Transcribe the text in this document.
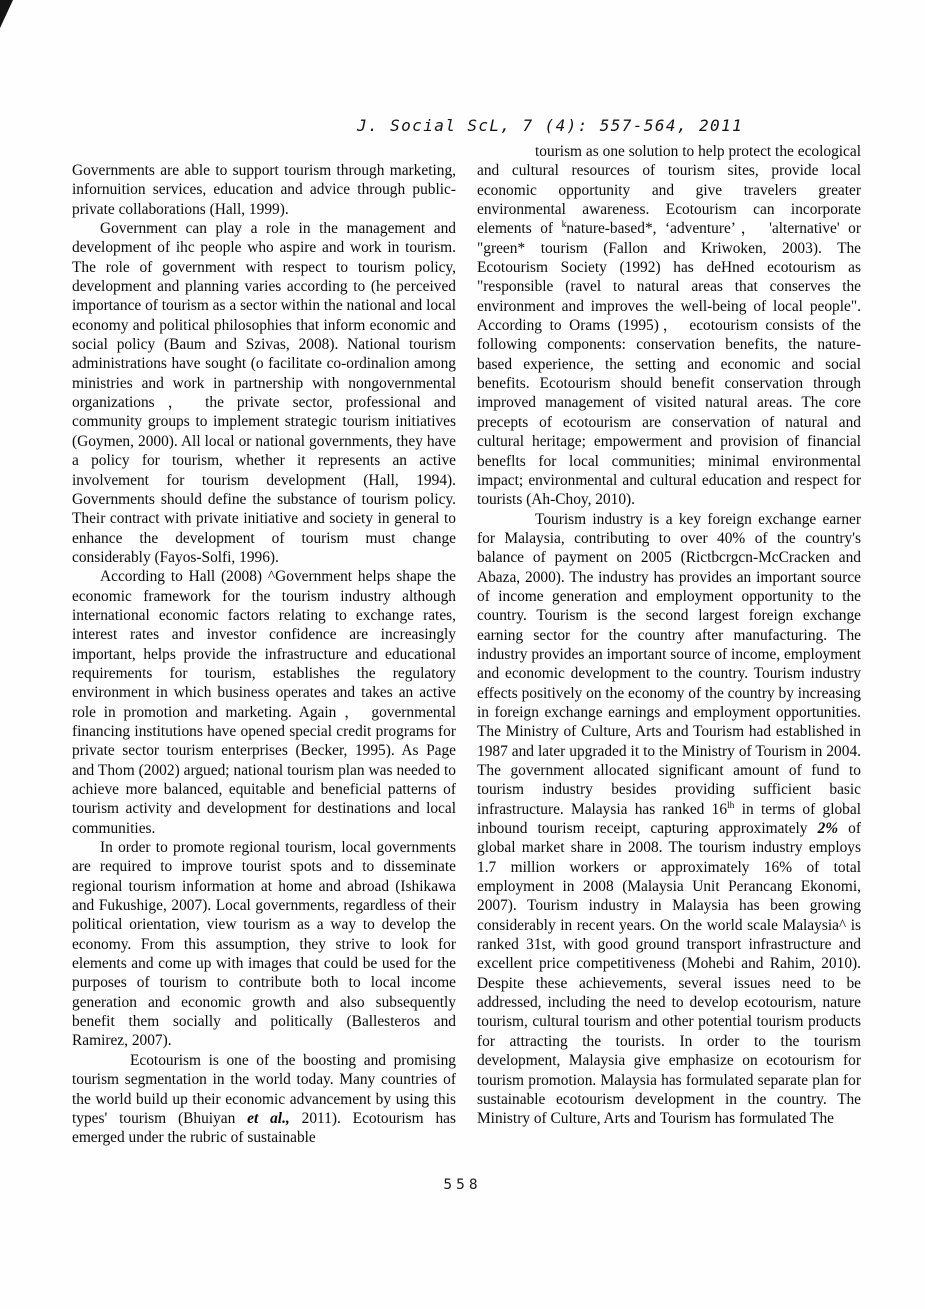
J. Social ScL, 7 (4): 557-564, 2011

Governments are able to support tourism through marketing, infornuition services, education and advice through public-private collaborations (Hall, 1999).

Government can play a role in the management and development of ihc people who aspire and work in tourism. The role of government with respect to tourism policy, development and planning varies according to (he perceived importance of tourism as a sector within the national and local economy and political philosophies that inform economic and social policy (Baum and Szivas, 2008). National tourism administrations have sought (o facilitate co-ordinalion among ministries and work in partnership with nongovernmental organizations ， the private sector, professional and community groups to implement strategic tourism initiatives (Goymen, 2000). All local or national governments, they have a policy for tourism, whether it represents an active involvement for tourism development (Hall, 1994). Governments should define the substance of tourism policy. Their contract with private initiative and society in general to enhance the development of tourism must change considerably (Fayos-Solfi, 1996).

According to Hall (2008) ^Government helps shape the economic framework for the tourism industry although international economic factors relating to exchange rates, interest rates and investor confidence are increasingly important, helps provide the infrastructure and educational requirements for tourism, establishes the regulatory environment in which business operates and takes an active role in promotion and marketing. Again ， governmental financing institutions have opened special credit programs for private sector tourism enterprises (Becker, 1995). As Page and Thom (2002) argued; national tourism plan was needed to achieve more balanced, equitable and beneficial patterns of tourism activity and development for destinations and local communities.

In order to promote regional tourism, local governments are required to improve tourist spots and to disseminate regional tourism information at home and abroad (Ishikawa and Fukushige, 2007). Local governments, regardless of their political orientation, view tourism as a way to develop the economy. From this assumption, they strive to look for elements and come up with images that could be used for the purposes of tourism to contribute both to local income generation and economic growth and also subsequently benefit them socially and politically (Ballesteros and Ramirez, 2007).

Ecotourism is one of the boosting and promising tourism segmentation in the world today. Many countries of the world build up their economic advancement by using this types' tourism (Bhuiyan et al., 2011). Ecotourism has emerged under the rubric of sustainable

tourism as one solution to help protect the ecological and cultural resources of tourism sites, provide local economic opportunity and give travelers greater environmental awareness. Ecotourism can incorporate elements of $^k$nature-based*, ‘adventure’， 'alternative' or "green* tourism (Fallon and Kriwoken, 2003). The Ecotourism Society (1992) has deHned ecotourism as "responsible (ravel to natural areas that conserves the environment and improves the well-being of local people". According to Orams (1995)， ecotourism consists of the following components: conservation benefits, the nature-based experience, the setting and economic and social benefits. Ecotourism should benefit conservation through improved management of visited natural areas. The core precepts of ecotourism are conservation of natural and cultural heritage; empowerment and provision of financial beneflts for local communities; minimal environmental impact; environmental and cultural education and respect for tourists (Ah-Choy, 2010).

Tourism industry is a key foreign exchange earner for Malaysia, contributing to over 40% of the country's balance of payment on 2005 (Rictbcrgcn-McCracken and Abaza, 2000). The industry has provides an important source of income generation and employment opportunity to the country. Tourism is the second largest foreign exchange earning sector for the country after manufacturing. The industry provides an important source of income, employment and economic development to the country. Tourism industry effects positively on the economy of the country by increasing in foreign exchange earnings and employment opportunities. The Ministry of Culture, Arts and Tourism had established in 1987 and later upgraded it to the Ministry of Tourism in 2004. The government allocated significant amount of fund to tourism industry besides providing sufficient basic infrastructure. Malaysia has ranked $16^{lh}$ in terms of global inbound tourism receipt, capturing approximately 2% of global market share in 2008. The tourism industry employs 1.7 million workers or approximately 16% of total employment in 2008 (Malaysia Unit Perancang Ekonomi, 2007). Tourism industry in Malaysia has been growing considerably in recent years. On the world scale Malaysia^ is ranked 31st, with good ground transport infrastructure and excellent price competitiveness (Mohebi and Rahim, 2010). Despite these achievements, several issues need to be addressed, including the need to develop ecotourism, nature tourism, cultural tourism and other potential tourism products for attracting the tourists. In order to the tourism development, Malaysia give emphasize on ecotourism for tourism promotion. Malaysia has formulated separate plan for sustainable ecotourism development in the country. The Ministry of Culture, Arts and Tourism has formulated The

558
